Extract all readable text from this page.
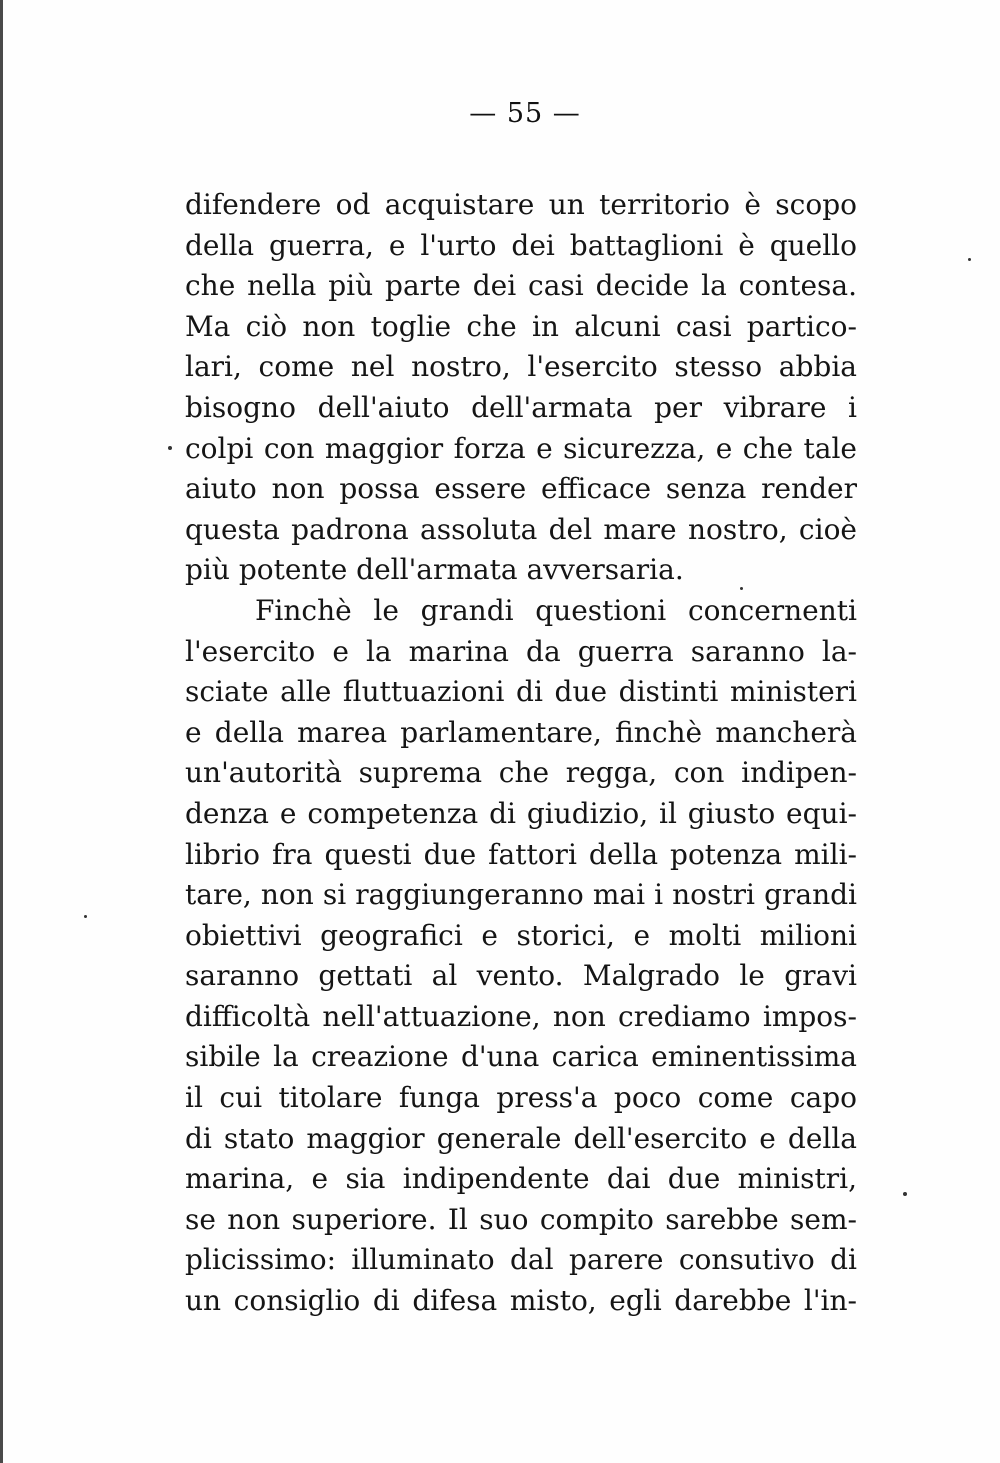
— 55 —
difendere od acquistare un territorio è scopo
della guerra, e l'urto dei battaglioni è quello
che nella più parte dei casi decide la contesa.
Ma ciò non toglie che in alcuni casi partico-
lari, come nel nostro, l'esercito stesso abbia
bisogno dell'aiuto dell'armata per vibrare i
colpi con maggior forza e sicurezza, e che tale
aiuto non possa essere efficace senza render
questa padrona assoluta del mare nostro, cioè
più potente dell'armata avversaria.
Finchè le grandi questioni concernenti
l'esercito e la marina da guerra saranno la-
sciate alle fluttuazioni di due distinti ministeri
e della marea parlamentare, finchè mancherà
un'autorità suprema che regga, con indipen-
denza e competenza di giudizio, il giusto equi-
librio fra questi due fattori della potenza mili-
tare, non si raggiungeranno mai i nostri grandi
obiettivi geografici e storici, e molti milioni
saranno gettati al vento. Malgrado le gravi
difficoltà nell'attuazione, non crediamo impos-
sibile la creazione d'una carica eminentissima
il cui titolare funga press'a poco come capo
di stato maggior generale dell'esercito e della
marina, e sia indipendente dai due ministri,
se non superiore. Il suo compito sarebbe sem-
plicissimo: illuminato dal parere consutivo di
un consiglio di difesa misto, egli darebbe l'in-
